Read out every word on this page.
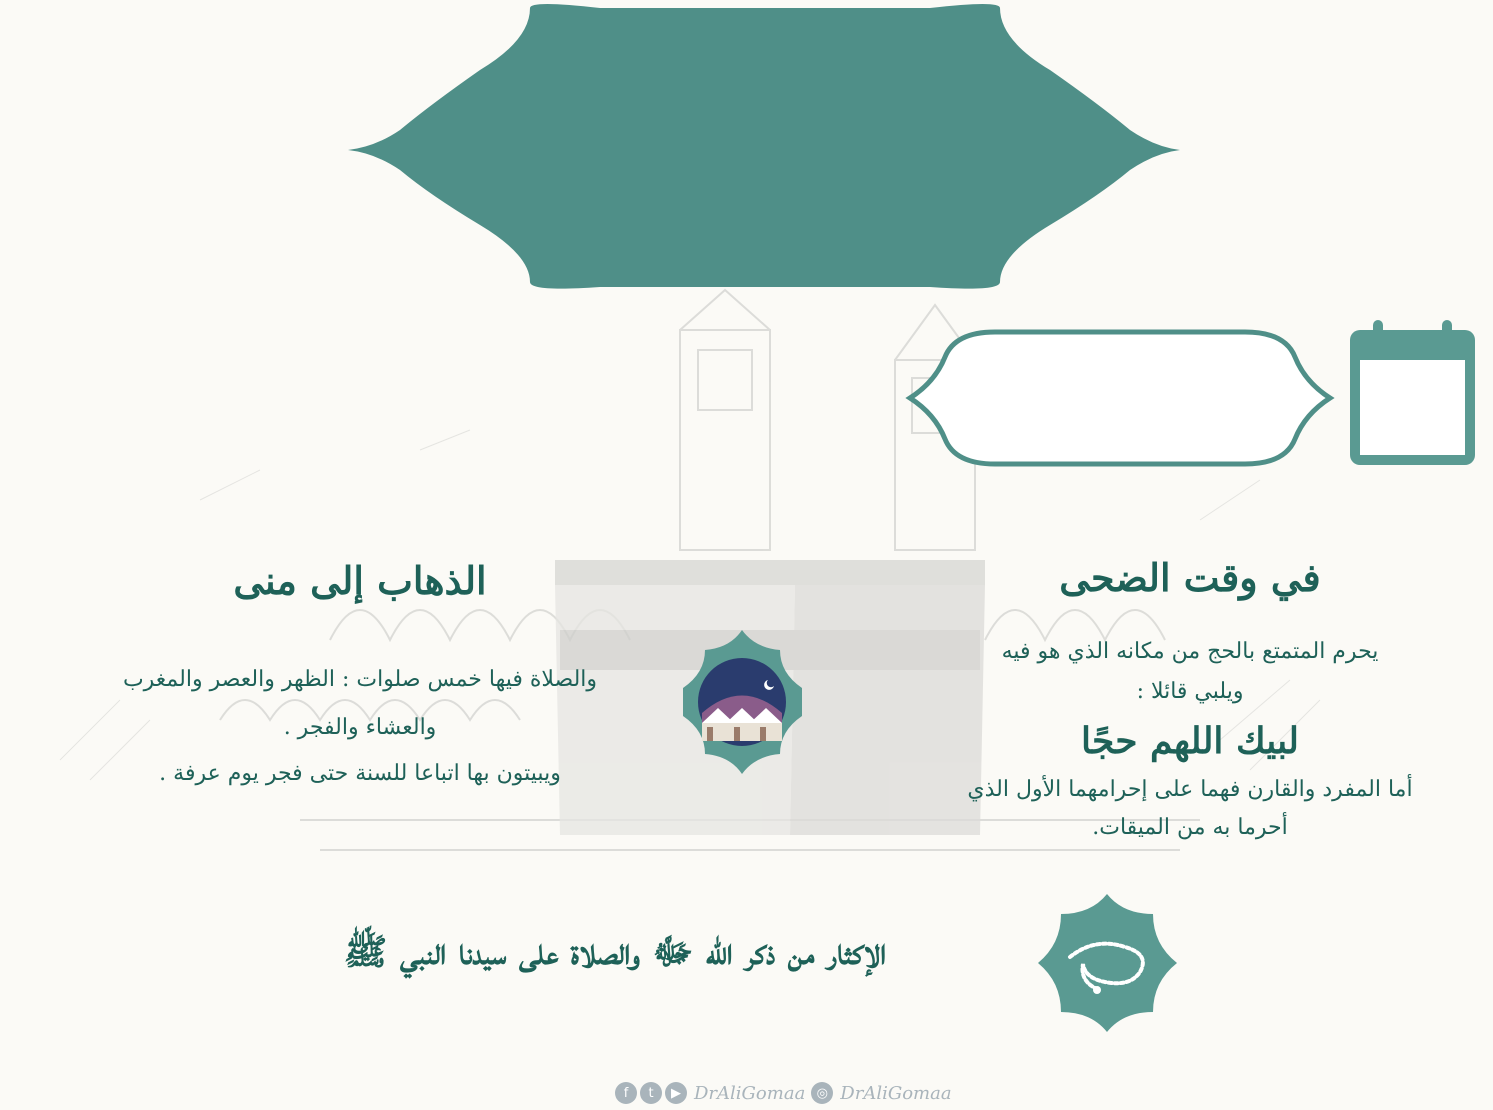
في وقت الضحى
يحرم المتمتع بالحج من مكانه الذي هو فيه
ويلبي قائلا :
لبيك اللهم حجًا
أما المفرد والقارن فهما على إحرامهما الأول الذي
أحرما به من الميقات.
الذهاب إلى منى
والصلاة فيها خمس صلوات : الظهر والعصر والمغرب
والعشاء والفجر .
ويبيتون بها اتباعا للسنة حتى فجر يوم عرفة .
الإكثار من ذكر الله ﷻ والصلاة على سيدنا النبي ﷺ
f	t	▶ DrAliGomaa ◎ DrAliGomaa
